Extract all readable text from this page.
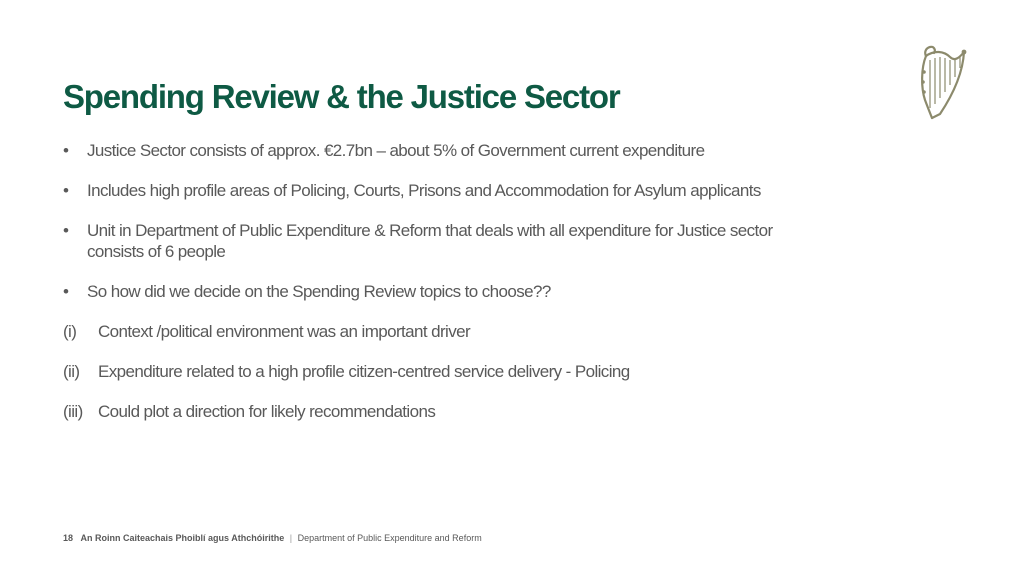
Spending Review & the Justice Sector
•	Justice Sector consists of approx. €2.7bn – about 5% of Government current expenditure
•	Includes high profile areas of Policing, Courts, Prisons and Accommodation for Asylum applicants
•	Unit in Department of Public Expenditure & Reform that deals with all expenditure for Justice sector consists of 6 people
•	So how did we decide on the Spending Review topics to choose??
(i)	Context /political environment was an important driver
(ii)	Expenditure related to a high profile citizen-centred service delivery - Policing
(iii) Could plot a direction for likely recommendations
18 An Roinn Caiteachais Phoiblí agus Athchóirithe | Department of Public Expenditure and Reform
